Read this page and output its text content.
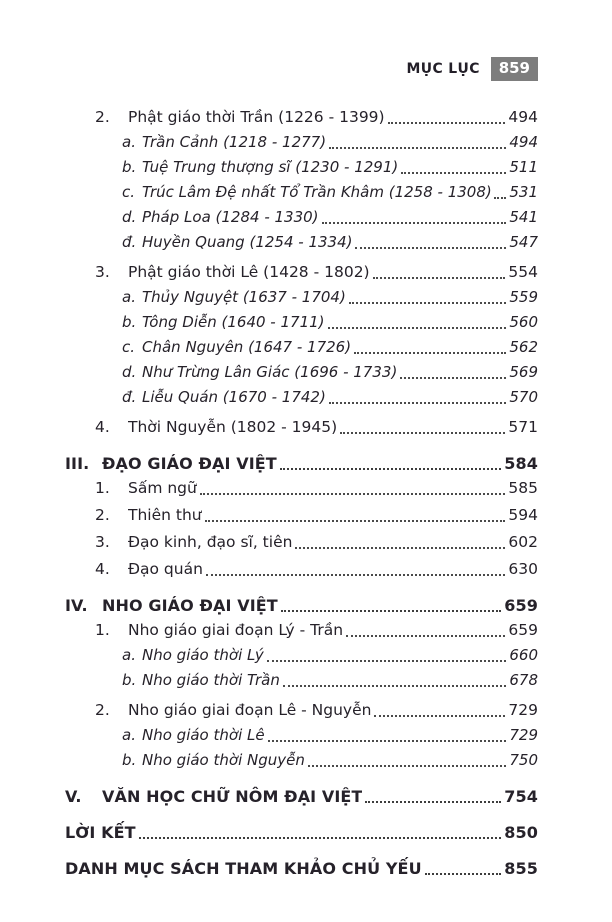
MỤC LỤC	859
2.	Phật giáo thời Trần (1226 - 1399)	494
a. Trần Cảnh (1218 - 1277)	494
b. Tuệ Trung thượng sĩ (1230 - 1291)	511
c. Trúc Lâm Đệ nhất Tổ Trần Khâm (1258 - 1308) 531
d. Pháp Loa (1284 - 1330)	541
đ. Huyền Quang (1254 - 1334)	547
3.	Phật giáo thời Lê (1428 - 1802)	554
a. Thủy Nguyệt (1637 - 1704)	559
b. Tông Diễn (1640 - 1711)	560
c. Chân Nguyên (1647 - 1726)	562
d. Như Trừng Lân Giác (1696 - 1733)	569
đ. Liễu Quán (1670 - 1742)	570
4.	Thời Nguyễn (1802 - 1945)	571
III. ĐẠO GIÁO ĐẠI VIỆT	584
1.	Sấm ngữ	585
2.	Thiên thư	594
3.	Đạo kinh, đạo sĩ, tiên	602
4.	Đạo quán	630
IV. NHO GIÁO ĐẠI VIỆT	659
1.	Nho giáo giai đoạn Lý - Trần	659
a. Nho giáo thời Lý	660
b. Nho giáo thời Trần	678
2.	Nho giáo giai đoạn Lê - Nguyễn	729
a. Nho giáo thời Lê	729
b. Nho giáo thời Nguyễn	750
V.	VĂN HỌC CHỮ NÔM ĐẠI VIỆT	754
LỜI KẾT	850
DANH MỤC SÁCH THAM KHẢO CHỦ YẾU	855
